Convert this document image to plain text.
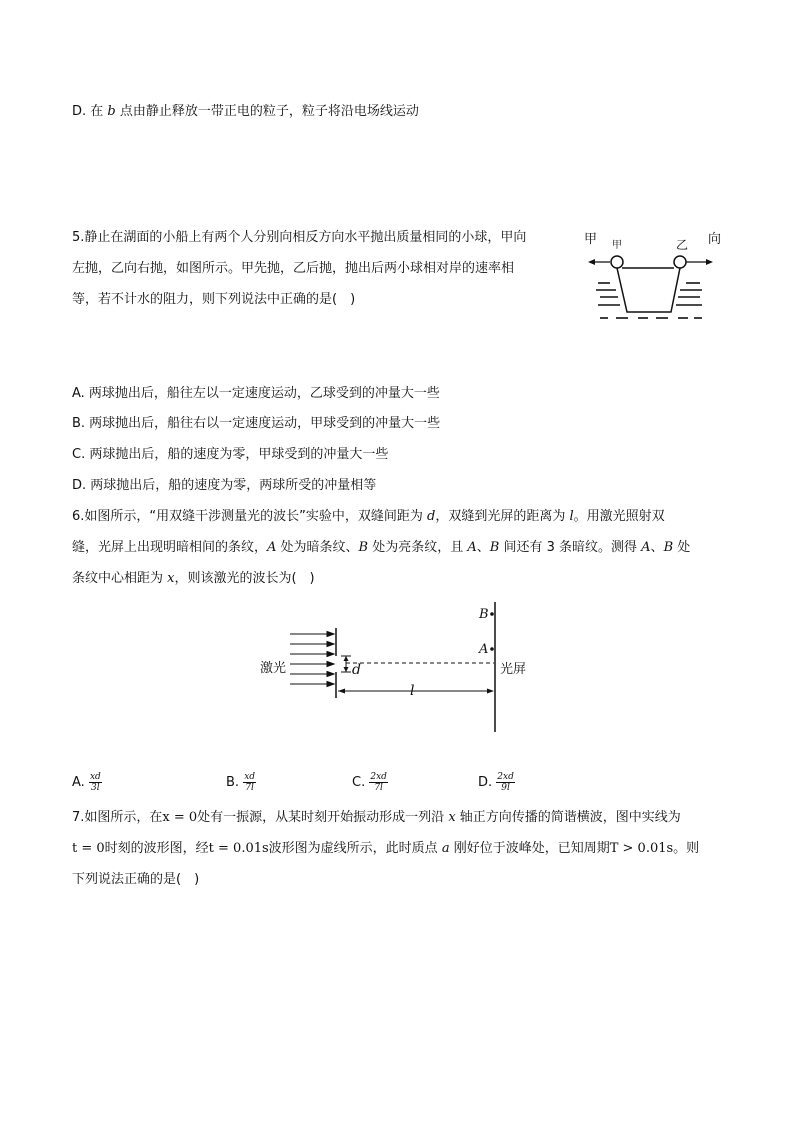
D. 在 b 点由静止释放一带正电的粒子，粒子将沿电场线运动
5.静止在湖面的小船上有两个人分别向相反方向水平抛出质量相同的小球，甲向
左抛，乙向右抛，如图所示。甲先抛，乙后抛，抛出后两小球相对岸的速率相
等，若不计水的阻力，则下列说法中正确的是(　)
甲 甲	乙 向
A. 两球抛出后，船往左以一定速度运动，乙球受到的冲量大一些
B. 两球抛出后，船往右以一定速度运动，甲球受到的冲量大一些
C. 两球抛出后，船的速度为零，甲球受到的冲量大一些
D. 两球抛出后，船的速度为零，两球所受的冲量相等
6.如图所示，“用双缝干涉测量光的波长”实验中，双缝间距为 d，双缝到光屏的距离为 l。用激光照射双
缝，光屏上出现明暗相间的条纹，A 处为暗条纹、B 处为亮条纹，且 A、B 间还有 3 条暗纹。测得 A、B 处
条纹中心相距为 x，则该激光的波长为(　)
激光	d
l
B
A
光屏
A. $\frac{xd}{3l}$	B. $\frac{xd}{7l}$	C. $\frac{2xd}{7l}$	D. $\frac{2xd}{9l}$
7.如图所示，在x = 0处有一振源，从某时刻开始振动形成一列沿 x 轴正方向传播的简谐横波，图中实线为
t = 0时刻的波形图，经t = 0.01s波形图为虚线所示，此时质点 a 刚好位于波峰处，已知周期T > 0.01s。则
下列说法正确的是(　)
